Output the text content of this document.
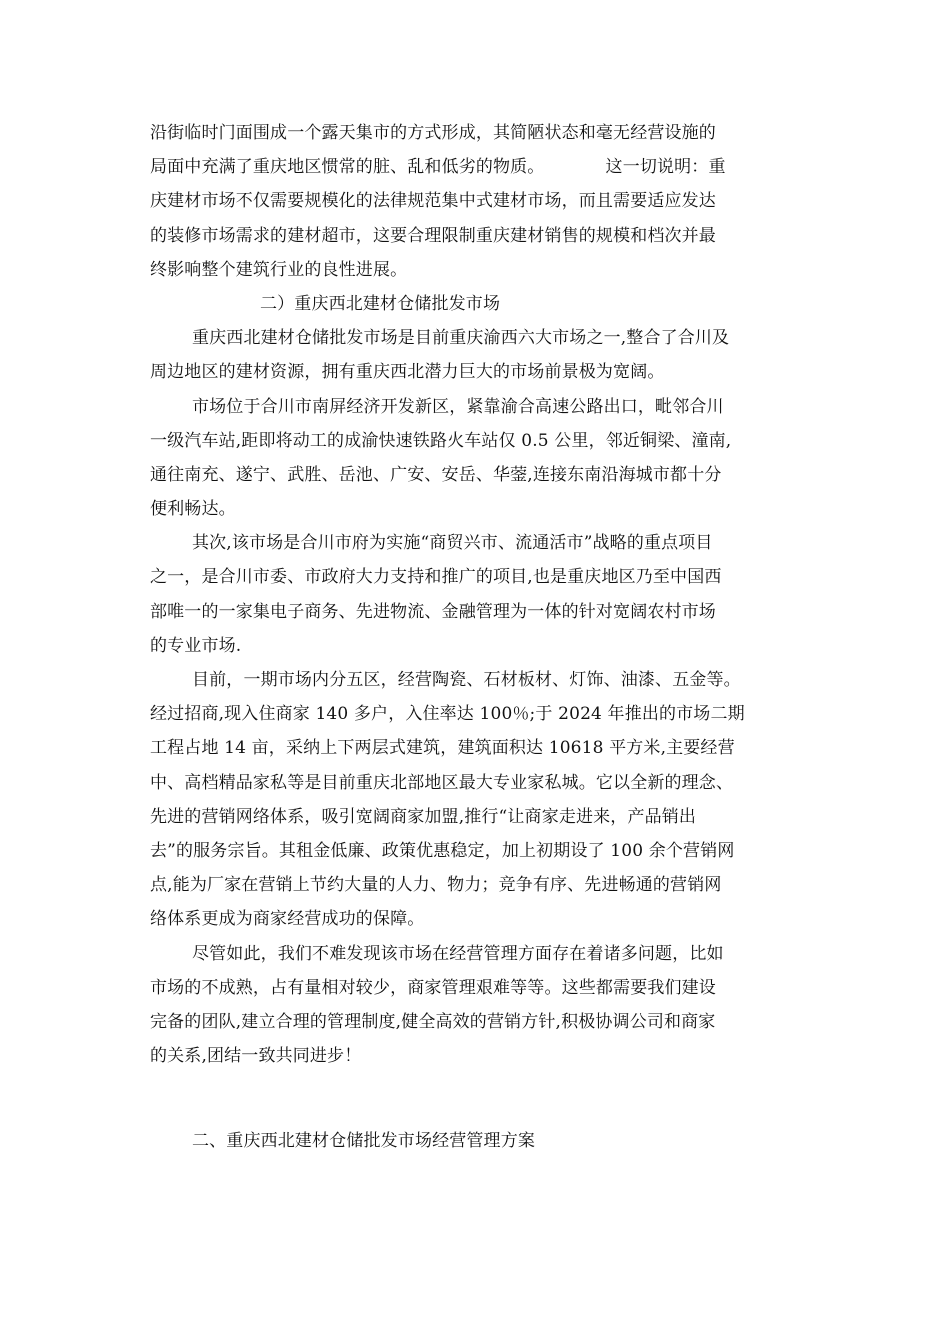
沿街临时门面围成一个露天集市的方式形成，其简陋状态和毫无经营设施的
局面中充满了重庆地区惯常的脏、乱和低劣的物质。           这一切说明：重
庆建材市场不仅需要规模化的法律规范集中式建材市场，而且需要适应发达
的装修市场需求的建材超市，这要合理限制重庆建材销售的规模和档次并最
终影响整个建筑行业的良性进展。
二）重庆西北建材仓储批发市场
重庆西北建材仓储批发市场是目前重庆渝西六大市场之一,整合了合川及
周边地区的建材资源，拥有重庆西北潜力巨大的市场前景极为宽阔。
市场位于合川市南屏经济开发新区，紧靠渝合高速公路出口，毗邻合川
一级汽车站,距即将动工的成渝快速铁路火车站仅 0.5 公里，邻近铜梁、潼南,
通往南充、遂宁、武胜、岳池、广安、安岳、华蓥,连接东南沿海城市都十分
便利畅达。
其次,该市场是合川市府为实施“商贸兴市、流通活市”战略的重点项目
之一，是合川市委、市政府大力支持和推广的项目,也是重庆地区乃至中国西
部唯一的一家集电子商务、先进物流、金融管理为一体的针对宽阔农村市场
的专业市场.
目前，一期市场内分五区，经营陶瓷、石材板材、灯饰、油漆、五金等。
经过招商,现入住商家 140 多户，入住率达 100％;于 2024 年推出的市场二期
工程占地 14 亩，采纳上下两层式建筑，建筑面积达 10618 平方米,主要经营
中、高档精品家私等是目前重庆北部地区最大专业家私城。它以全新的理念、
先进的营销网络体系，吸引宽阔商家加盟,推行“让商家走进来，产品销出
去”的服务宗旨。其租金低廉、政策优惠稳定，加上初期设了 100 余个营销网
点,能为厂家在营销上节约大量的人力、物力；竞争有序、先进畅通的营销网
络体系更成为商家经营成功的保障。
尽管如此，我们不难发现该市场在经营管理方面存在着诸多问题，比如
市场的不成熟，占有量相对较少，商家管理艰难等等。这些都需要我们建设
完备的团队,建立合理的管理制度,健全高效的营销方针,积极协调公司和商家
的关系,团结一致共同进步！
二、重庆西北建材仓储批发市场经营管理方案
